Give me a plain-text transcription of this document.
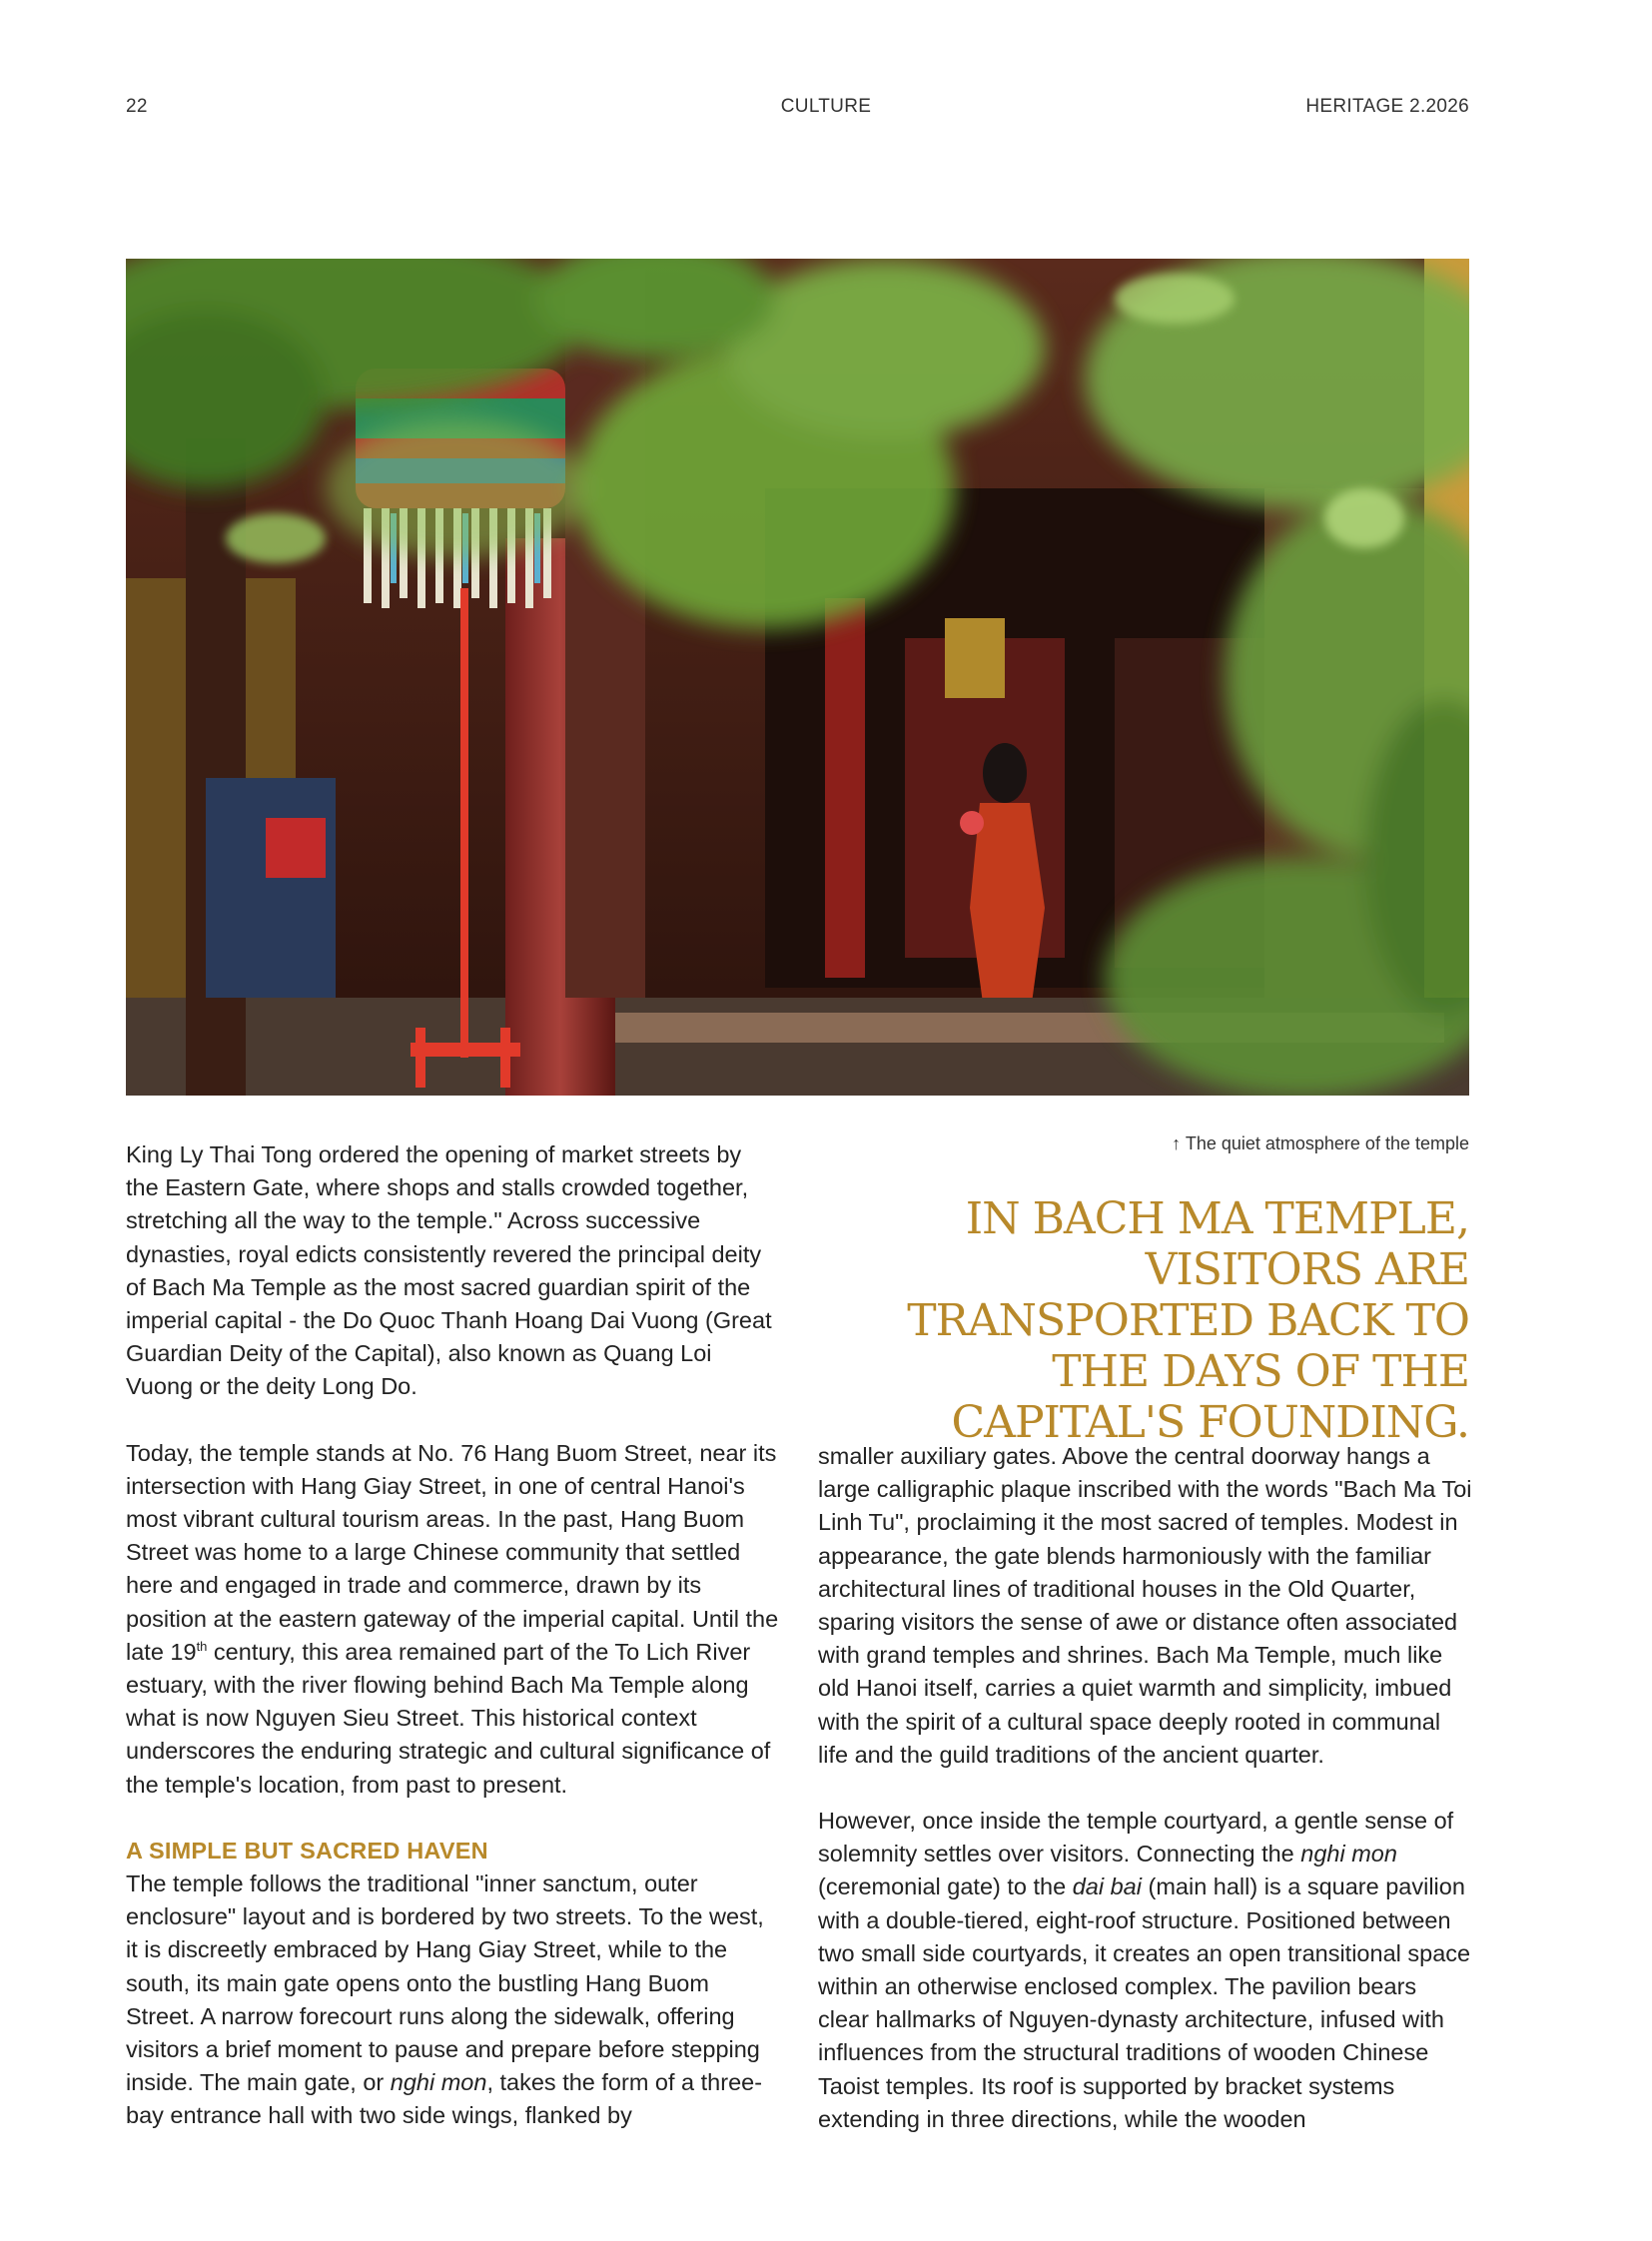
22	CULTURE	HERITAGE 2.2026
↑ The quiet atmosphere of the temple
IN BACH MA TEMPLE, VISITORS ARE TRANSPORTED BACK TO THE DAYS OF THE CAPITAL'S FOUNDING.

King Ly Thai Tong ordered the opening of market streets by the Eastern Gate, where shops and stalls crowded together, stretching all the way to the temple." Across successive dynasties, royal edicts consistently revered the principal deity of Bach Ma Temple as the most sacred guardian spirit of the imperial capital - the Do Quoc Thanh Hoang Dai Vuong (Great Guardian Deity of the Capital), also known as Quang Loi Vuong or the deity Long Do.

Today, the temple stands at No. 76 Hang Buom Street, near its intersection with Hang Giay Street, in one of central Hanoi's most vibrant cultural tourism areas. In the past, Hang Buom Street was home to a large Chinese community that settled here and engaged in trade and commerce, drawn by its position at the eastern gateway of the imperial capital. Until the late 19th century, this area remained part of the To Lich River estuary, with the river flowing behind Bach Ma Temple along what is now Nguyen Sieu Street. This historical context underscores the enduring strategic and cultural significance of the temple's location, from past to present.

A SIMPLE BUT SACRED HAVEN

The temple follows the traditional "inner sanctum, outer enclosure" layout and is bordered by two streets. To the west, it is discreetly embraced by Hang Giay Street, while to the south, its main gate opens onto the bustling Hang Buom Street. A narrow forecourt runs along the sidewalk, offering visitors a brief moment to pause and prepare before stepping inside. The main gate, or nghi mon, takes the form of a three-bay entrance hall with two side wings, flanked by

smaller auxiliary gates. Above the central doorway hangs a large calligraphic plaque inscribed with the words "Bach Ma Toi Linh Tu", proclaiming it the most sacred of temples. Modest in appearance, the gate blends harmoniously with the familiar architectural lines of traditional houses in the Old Quarter, sparing visitors the sense of awe or distance often associated with grand temples and shrines. Bach Ma Temple, much like old Hanoi itself, carries a quiet warmth and simplicity, imbued with the spirit of a cultural space deeply rooted in communal life and the guild traditions of the ancient quarter.

However, once inside the temple courtyard, a gentle sense of solemnity settles over visitors. Connecting the nghi mon (ceremonial gate) to the dai bai (main hall) is a square pavilion with a double-tiered, eight-roof structure. Positioned between two small side courtyards, it creates an open transitional space within an otherwise enclosed complex. The pavilion bears clear hallmarks of Nguyen-dynasty architecture, infused with influences from the structural traditions of wooden Chinese Taoist temples. Its roof is supported by bracket systems extending in three directions, while the wooden
